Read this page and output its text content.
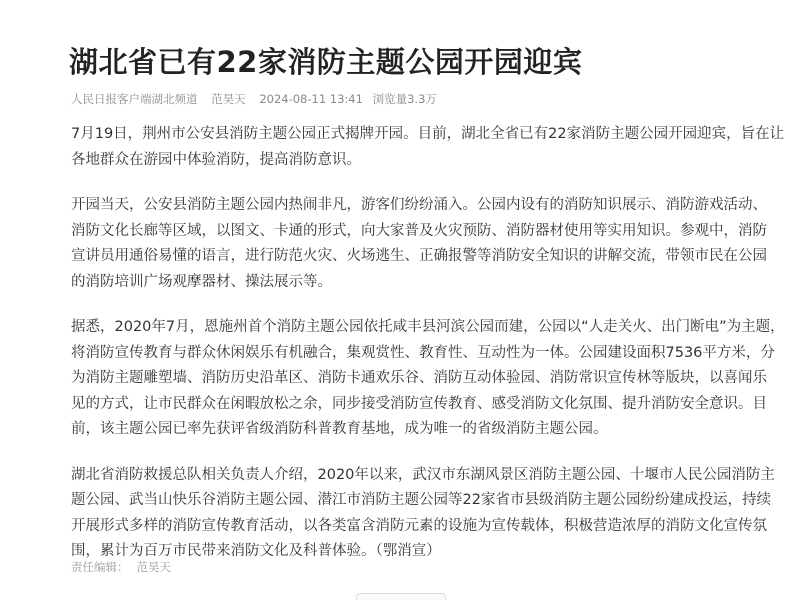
湖北省已有22家消防主题公园开园迎宾
人民日报客户端湖北频道 范昊天 2024-08-11 13:41 浏览量3.3万

7月19日，荆州市公安县消防主题公园正式揭牌开园。目前，湖北全省已有22家消防主题公园开园迎宾，旨在让
各地群众在游园中体验消防，提高消防意识。

开园当天，公安县消防主题公园内热闹非凡，游客们纷纷涌入。公园内设有的消防知识展示、消防游戏活动、
消防文化长廊等区域，以图文、卡通的形式，向大家普及火灾预防、消防器材使用等实用知识。参观中，消防
宣讲员用通俗易懂的语言，进行防范火灾、火场逃生、正确报警等消防安全知识的讲解交流，带领市民在公园
的消防培训广场观摩器材、操法展示等。

据悉，2020年7月，恩施州首个消防主题公园依托咸丰县河滨公园而建，公园以“人走关火、出门断电”为主题，
将消防宣传教育与群众休闲娱乐有机融合，集观赏性、教育性、互动性为一体。公园建设面积7536平方米，分
为消防主题雕塑墙、消防历史沿革区、消防卡通欢乐谷、消防互动体验园、消防常识宣传林等版块，以喜闻乐
见的方式，让市民群众在闲暇放松之余，同步接受消防宣传教育、感受消防文化氛围、提升消防安全意识。目
前，该主题公园已率先获评省级消防科普教育基地，成为唯一的省级消防主题公园。

湖北省消防救援总队相关负责人介绍，2020年以来，武汉市东湖风景区消防主题公园、十堰市人民公园消防主
题公园、武当山快乐谷消防主题公园、潜江市消防主题公园等22家省市县级消防主题公园纷纷建成投运，持续
开展形式多样的消防宣传教育活动，以各类富含消防元素的设施为宣传载体，积极营造浓厚的消防文化宣传氛
围，累计为百万市民带来消防文化及科普体验。（鄂消宣）

责任编辑： 范昊天
